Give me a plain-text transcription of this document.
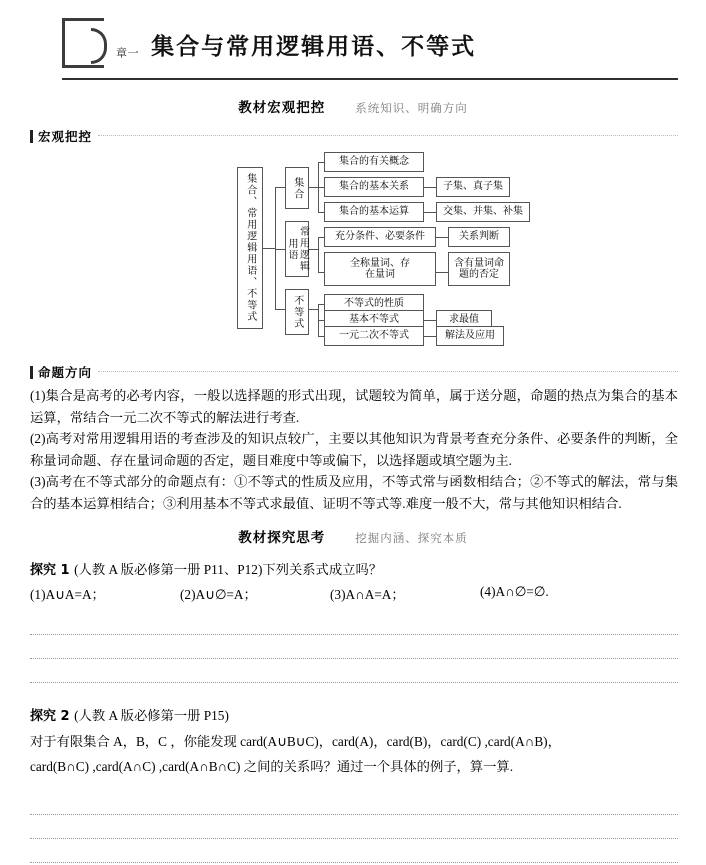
一
章	集合与常用逻辑用语、不等式
教材宏观把控	系统知识、明确方向
宏观把控
集合、常用逻辑用语、不等式	集合
集合的有关概念
集合的基本关系	子集、真子集
集合的基本运算	交集、并集、补集
常用逻辑用语
充分条件、必要条件	关系判断
全称量词、存在量词
含有量词命题的否定
不等式	不等式的性质
基本不等式	求最值
一元二次不等式	解法及应用
命题方向

(1)集合是高考的必考内容，一般以选择题的形式出现，试题较为简单，属于送分题，命题的热点为集合的基本运算，常结合一元二次不等式的解法进行考查.

(2)高考对常用逻辑用语的考查涉及的知识点较广，主要以其他知识为背景考查充分条件、必要条件的判断，全称量词命题、存在量词命题的否定，题目难度中等或偏下，以选择题或填空题为主.

(3)高考在不等式部分的命题点有：①不等式的性质及应用，不等式常与函数相结合；②不等式的解法，常与集合的基本运算相结合；③利用基本不等式求最值、证明不等式等.难度一般不大，常与其他知识相结合.

教材探究思考	挖掘内涵、探究本质
探究 1 (人教 A 版必修第一册 P11、P12)下列关系式成立吗？
(1)A∪A=A；	(2)A∪∅=A；	(3)A∩A=A；	(4)A∩∅=∅.
探究 2 (人教 A 版必修第一册 P15)
对于有限集合 A，B，C ，你能发现 card(A∪B∪C)，card(A)，card(B)，card(C) ,card(A∩B)，
card(B∩C) ,card(A∩C) ,card(A∩B∩C) 之间的关系吗？通过一个具体的例子，算一算.
